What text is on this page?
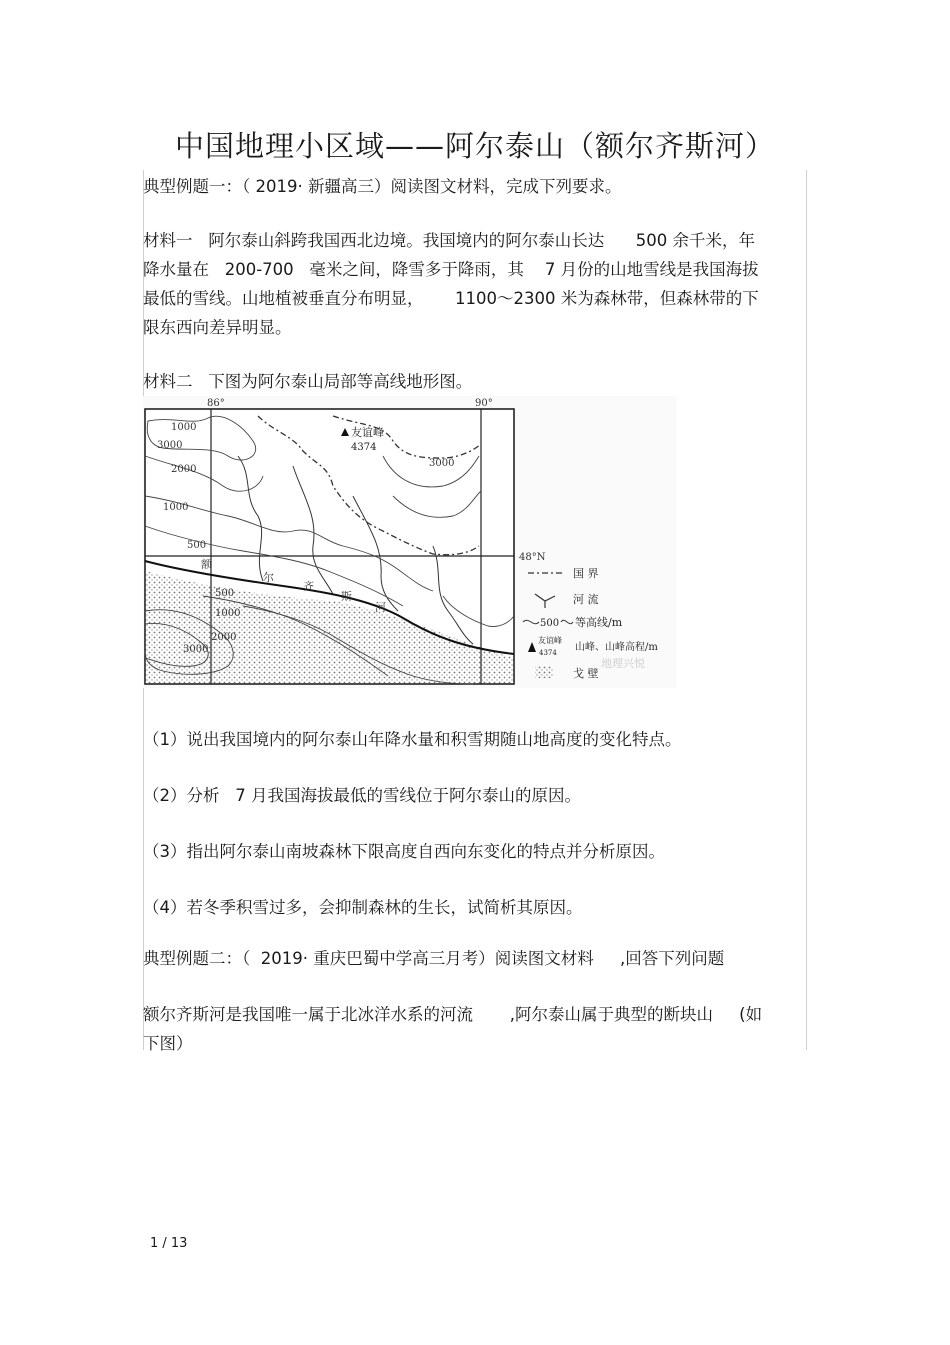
中国地理小区域——阿尔泰山（额尔齐斯河）
典型例题一：（ 2019· 新疆高三）阅读图文材料，完成下列要求。
材料一   阿尔泰山斜跨我国西北边境。我国境内的阿尔泰山长达      500 余千米，年
降水量在   200-700   毫米之间，降雪多于降雨，其    7 月份的山地雪线是我国海拔
最低的雪线。山地植被垂直分布明显，      1100～2300 米为森林带，但森林带的下
限东西向差异明显。
材料二   下图为阿尔泰山局部等高线地形图。
86°	90°
48°N
1000
3000
2000
3000
1000
500
500
1000
2000
3000
友谊峰
4374
额
尔
齐
斯
河
国 界
河 流
500 等高线/m
友谊峰
4374 山峰、山峰高程/m
戈 壁
地理兴悦
（1）说出我国境内的阿尔泰山年降水量和积雪期随山地高度的变化特点。
（2）分析   7 月我国海拔最低的雪线位于阿尔泰山的原因。
（3）指出阿尔泰山南坡森林下限高度自西向东变化的特点并分析原因。
（4）若冬季积雪过多，会抑制森林的生长，试简析其原因。
典型例题二：（  2019· 重庆巴蜀中学高三月考）阅读图文材料     ,回答下列问题
额尔齐斯河是我国唯一属于北冰洋水系的河流       ,阿尔泰山属于典型的断块山     (如
下图）
1 / 13
